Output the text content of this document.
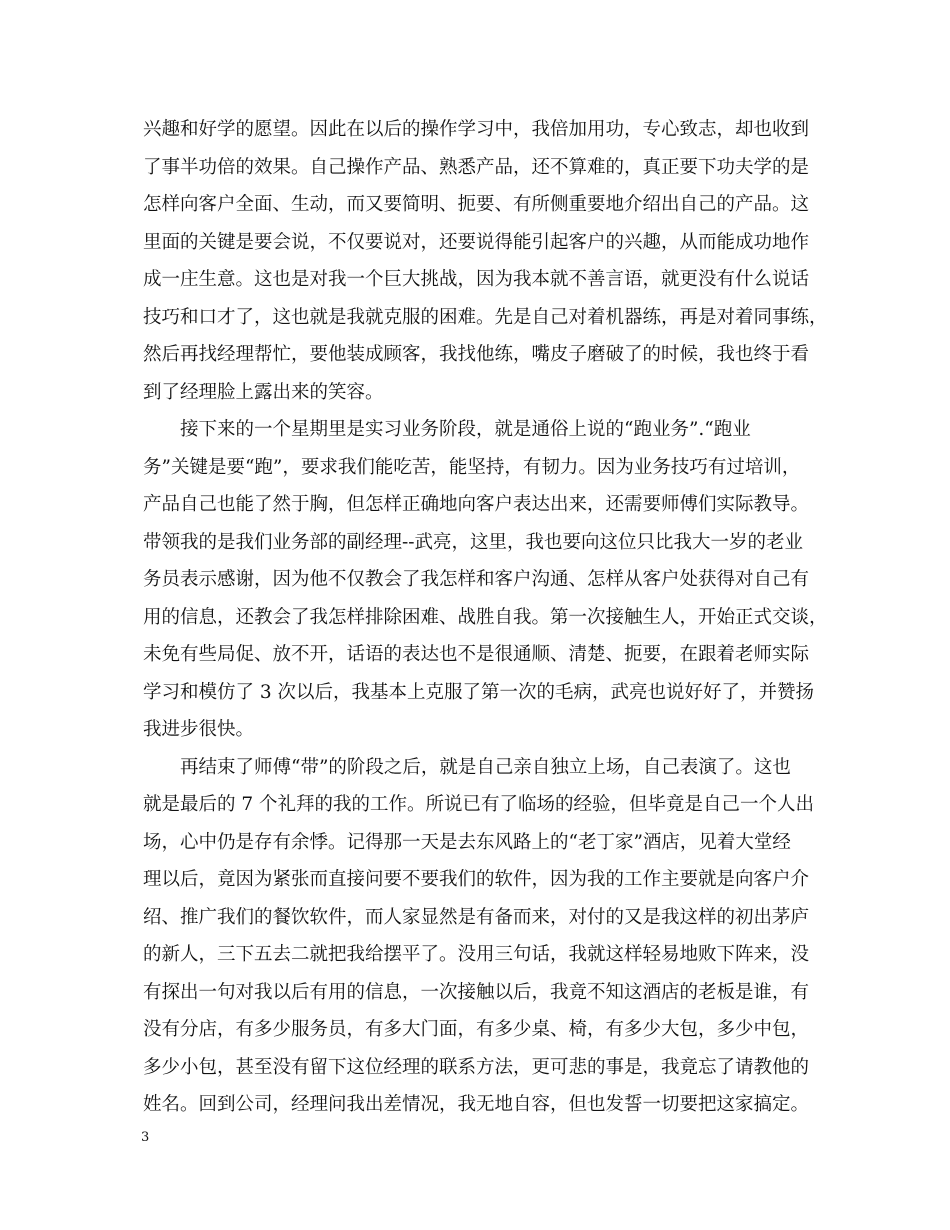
兴趣和好学的愿望。因此在以后的操作学习中，我倍加用功，专心致志，却也收到
了事半功倍的效果。自己操作产品、熟悉产品，还不算难的，真正要下功夫学的是
怎样向客户全面、生动，而又要简明、扼要、有所侧重要地介绍出自己的产品。这
里面的关键是要会说，不仅要说对，还要说得能引起客户的兴趣，从而能成功地作
成一庄生意。这也是对我一个巨大挑战，因为我本就不善言语，就更没有什么说话
技巧和口才了，这也就是我就克服的困难。先是自己对着机器练，再是对着同事练，
然后再找经理帮忙，要他装成顾客，我找他练，嘴皮子磨破了的时候，我也终于看
到了经理脸上露出来的笑容。
接下来的一个星期里是实习业务阶段，就是通俗上说的“跑业务”.“跑业
务”关键是要“跑”，要求我们能吃苦，能坚持，有韧力。因为业务技巧有过培训，
产品自己也能了然于胸，但怎样正确地向客户表达出来，还需要师傅们实际教导。
带领我的是我们业务部的副经理--武亮，这里，我也要向这位只比我大一岁的老业
务员表示感谢，因为他不仅教会了我怎样和客户沟通、怎样从客户处获得对自己有
用的信息，还教会了我怎样排除困难、战胜自我。第一次接触生人，开始正式交谈，
未免有些局促、放不开，话语的表达也不是很通顺、清楚、扼要，在跟着老师实际
学习和模仿了 3 次以后，我基本上克服了第一次的毛病，武亮也说好好了，并赞扬
我进步很快。
再结束了师傅“带”的阶段之后，就是自己亲自独立上场，自己表演了。这也
就是最后的 7 个礼拜的我的工作。所说已有了临场的经验，但毕竟是自己一个人出
场，心中仍是存有余悸。记得那一天是去东风路上的“老丁家”酒店，见着大堂经
理以后，竟因为紧张而直接问要不要我们的软件，因为我的工作主要就是向客户介
绍、推广我们的餐饮软件，而人家显然是有备而来，对付的又是我这样的初出茅庐
的新人，三下五去二就把我给摆平了。没用三句话，我就这样轻易地败下阵来，没
有探出一句对我以后有用的信息，一次接触以后，我竟不知这酒店的老板是谁，有
没有分店，有多少服务员，有多大门面，有多少桌、椅，有多少大包，多少中包，
多少小包，甚至没有留下这位经理的联系方法，更可悲的事是，我竟忘了请教他的
姓名。回到公司，经理问我出差情况，我无地自容，但也发誓一切要把这家搞定。
3
